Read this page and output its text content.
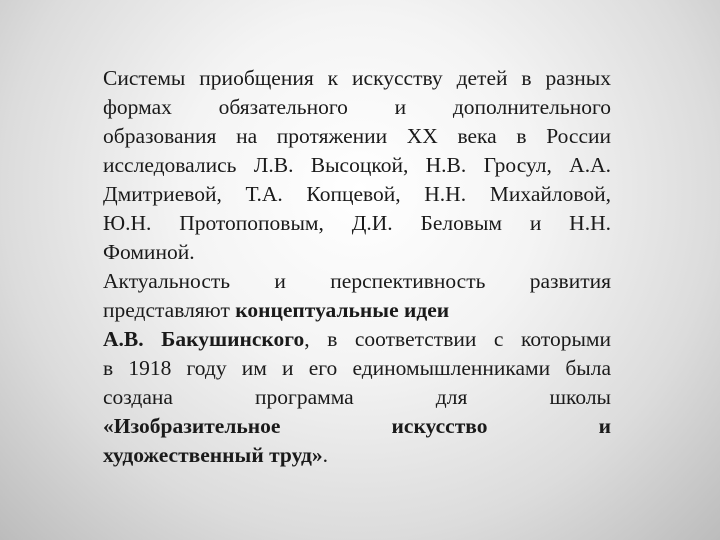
Системы приобщения к искусству детей в разных
формах обязательного и дополнительного
образования на протяжении XX века в России
исследовались Л.В. Высоцкой, Н.В. Гросул, А.А.
Дмитриевой, Т.А. Копцевой, Н.Н. Михайловой,
Ю.Н. Протопоповым, Д.И. Беловым и Н.Н.
Фоминой.
Актуальность и перспективность развития
представляют концептуальные идеи
А.В. Бакушинского, в соответствии с которыми
в 1918 году им и его единомышленниками была
создана программа для школы
«Изобразительное искусство и
художественный труд».
